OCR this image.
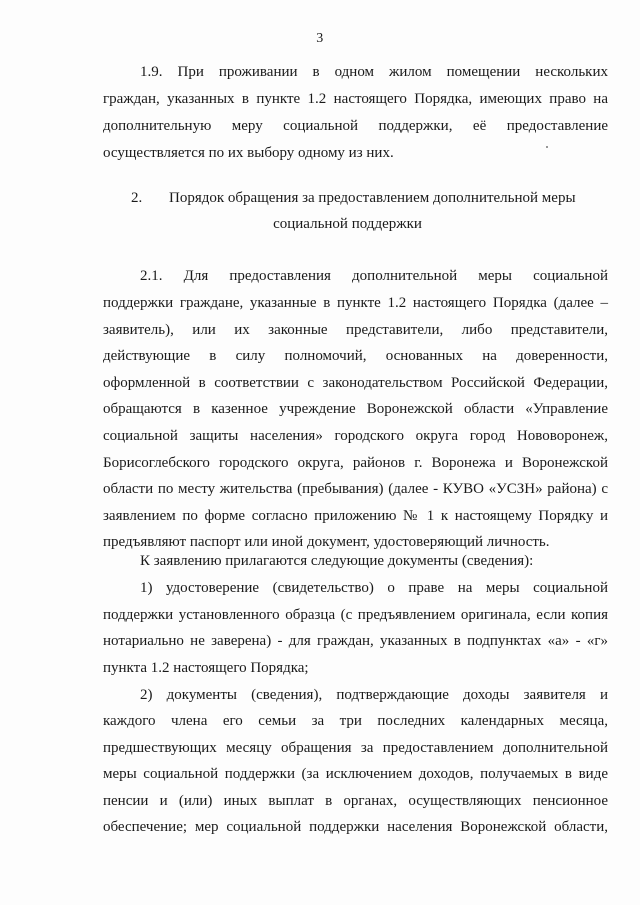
3
1.9. При проживании в одном жилом помещении нескольких
граждан, указанных в пункте 1.2 настоящего Порядка, имеющих право на
дополнительную меру социальной поддержки, её предоставление
осуществляется по их выбору одному из них.
2. Порядок обращения за предоставлением дополнительной меры
социальной поддержки
2.1. Для предоставления дополнительной меры социальной
поддержки граждане, указанные в пункте 1.2 настоящего Порядка (далее –
заявитель), или их законные представители, либо представители,
действующие в силу полномочий, основанных на доверенности,
оформленной в соответствии с законодательством Российской Федерации,
обращаются в казенное учреждение Воронежской области «Управление
социальной защиты населения» городского округа город Нововоронеж,
Борисоглебского городского округа, районов г. Воронежа и Воронежской
области по месту жительства (пребывания) (далее - КУВО «УСЗН» района) с
заявлением по форме согласно приложению № 1 к настоящему Порядку и
предъявляют паспорт или иной документ, удостоверяющий личность.
К заявлению прилагаются следующие документы (сведения):
1) удостоверение (свидетельство) о праве на меры социальной
поддержки установленного образца (с предъявлением оригинала, если копия
нотариально не заверена) - для граждан, указанных в подпунктах «а» - «г»
пункта 1.2 настоящего Порядка;
2) документы (сведения), подтверждающие доходы заявителя и
каждого члена его семьи за три последних календарных месяца,
предшествующих месяцу обращения за предоставлением дополнительной
меры социальной поддержки (за исключением доходов, получаемых в виде
пенсии и (или) иных выплат в органах, осуществляющих пенсионное
обеспечение; мер социальной поддержки населения Воронежской области,
